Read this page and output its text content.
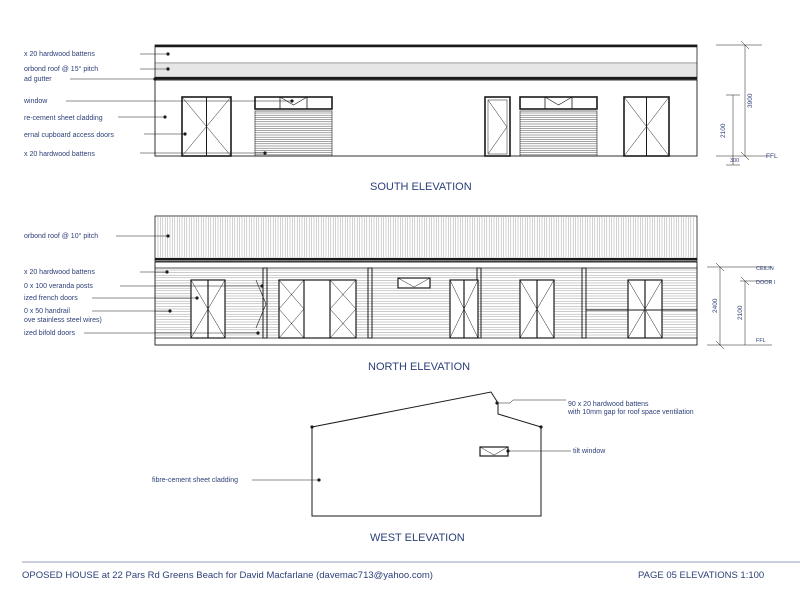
x 20 hardwood battens
orbond roof @ 15° pitch
ad gutter
window
re-cement sheet cladding
ernal cupboard access doors
x 20 hardwood battens
3900
2100
300
FFL
SOUTH ELEVATION
orbond roof @ 10° pitch
x 20 hardwood battens
0 x 100 veranda posts
ized french doors
0 x 50 handrail
ove stainless steel wires)
ized bifold doors
2400	2100
CEILIN
DOOR I
FFL
NORTH ELEVATION
90 x 20 hardwood battens
with 10mm gap for roof space ventilation
tilt window
fibre-cement sheet cladding
WEST ELEVATION
OPOSED HOUSE at 22 Pars Rd Greens Beach for David Macfarlane (davemac713@yahoo.com)	PAGE 05 ELEVATIONS 1:100
